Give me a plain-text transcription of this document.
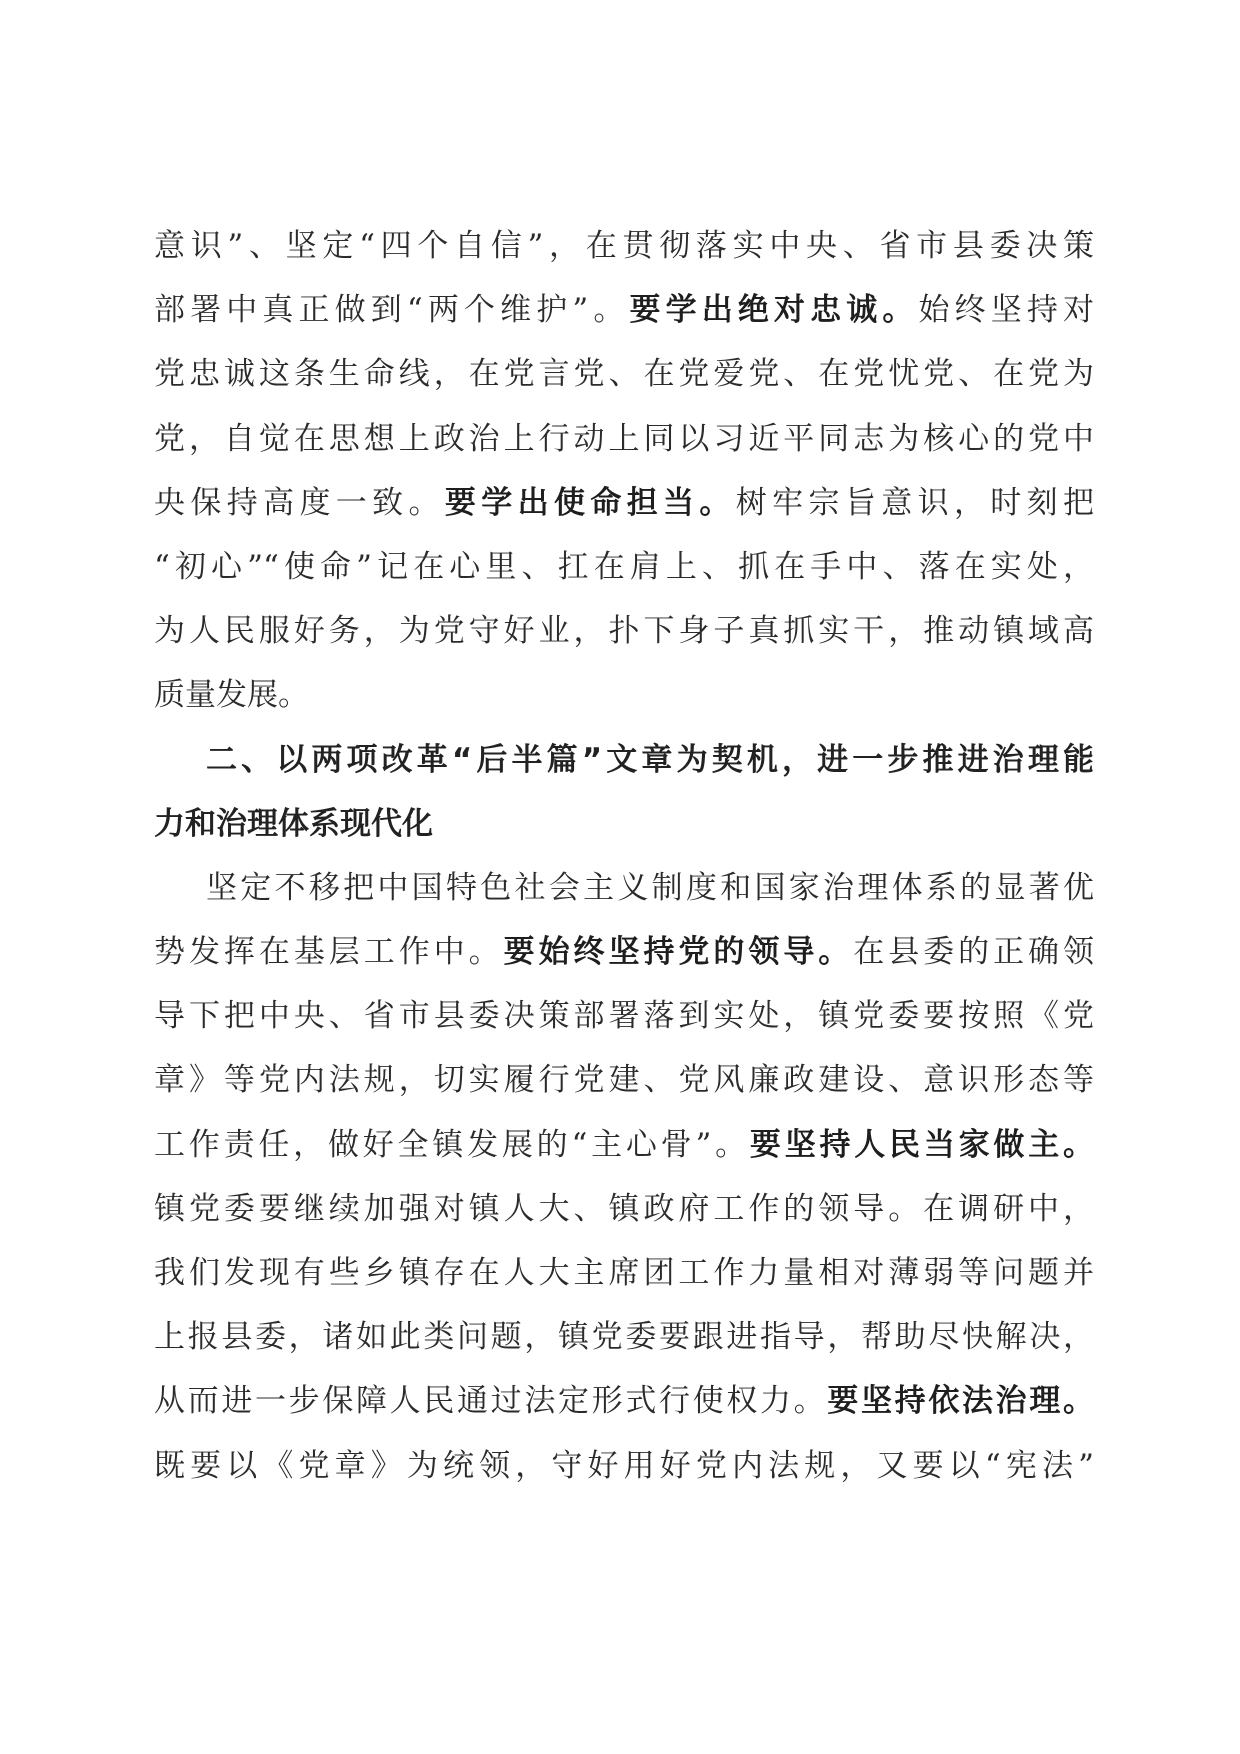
意识”、坚定“四个自信”，在贯彻落实中央、省市县委决策
部署中真正做到“两个维护”。要学出绝对忠诚。始终坚持对
党忠诚这条生命线，在党言党、在党爱党、在党忧党、在党为
党，自觉在思想上政治上行动上同以习近平同志为核心的党中
央保持高度一致。要学出使命担当。树牢宗旨意识，时刻把
“初心”“使命”记在心里、扛在肩上、抓在手中、落在实处，
为人民服好务，为党守好业，扑下身子真抓实干，推动镇域高
质量发展。
二、以两项改革“后半篇”文章为契机，进一步推进治理能
力和治理体系现代化
坚定不移把中国特色社会主义制度和国家治理体系的显著优
势发挥在基层工作中。要始终坚持党的领导。在县委的正确领
导下把中央、省市县委决策部署落到实处，镇党委要按照《党
章》等党内法规，切实履行党建、党风廉政建设、意识形态等
工作责任，做好全镇发展的“主心骨”。要坚持人民当家做主。
镇党委要继续加强对镇人大、镇政府工作的领导。在调研中，
我们发现有些乡镇存在人大主席团工作力量相对薄弱等问题并
上报县委，诸如此类问题，镇党委要跟进指导，帮助尽快解决，
从而进一步保障人民通过法定形式行使权力。要坚持依法治理。
既要以《党章》为统领，守好用好党内法规，又要以“宪法”
